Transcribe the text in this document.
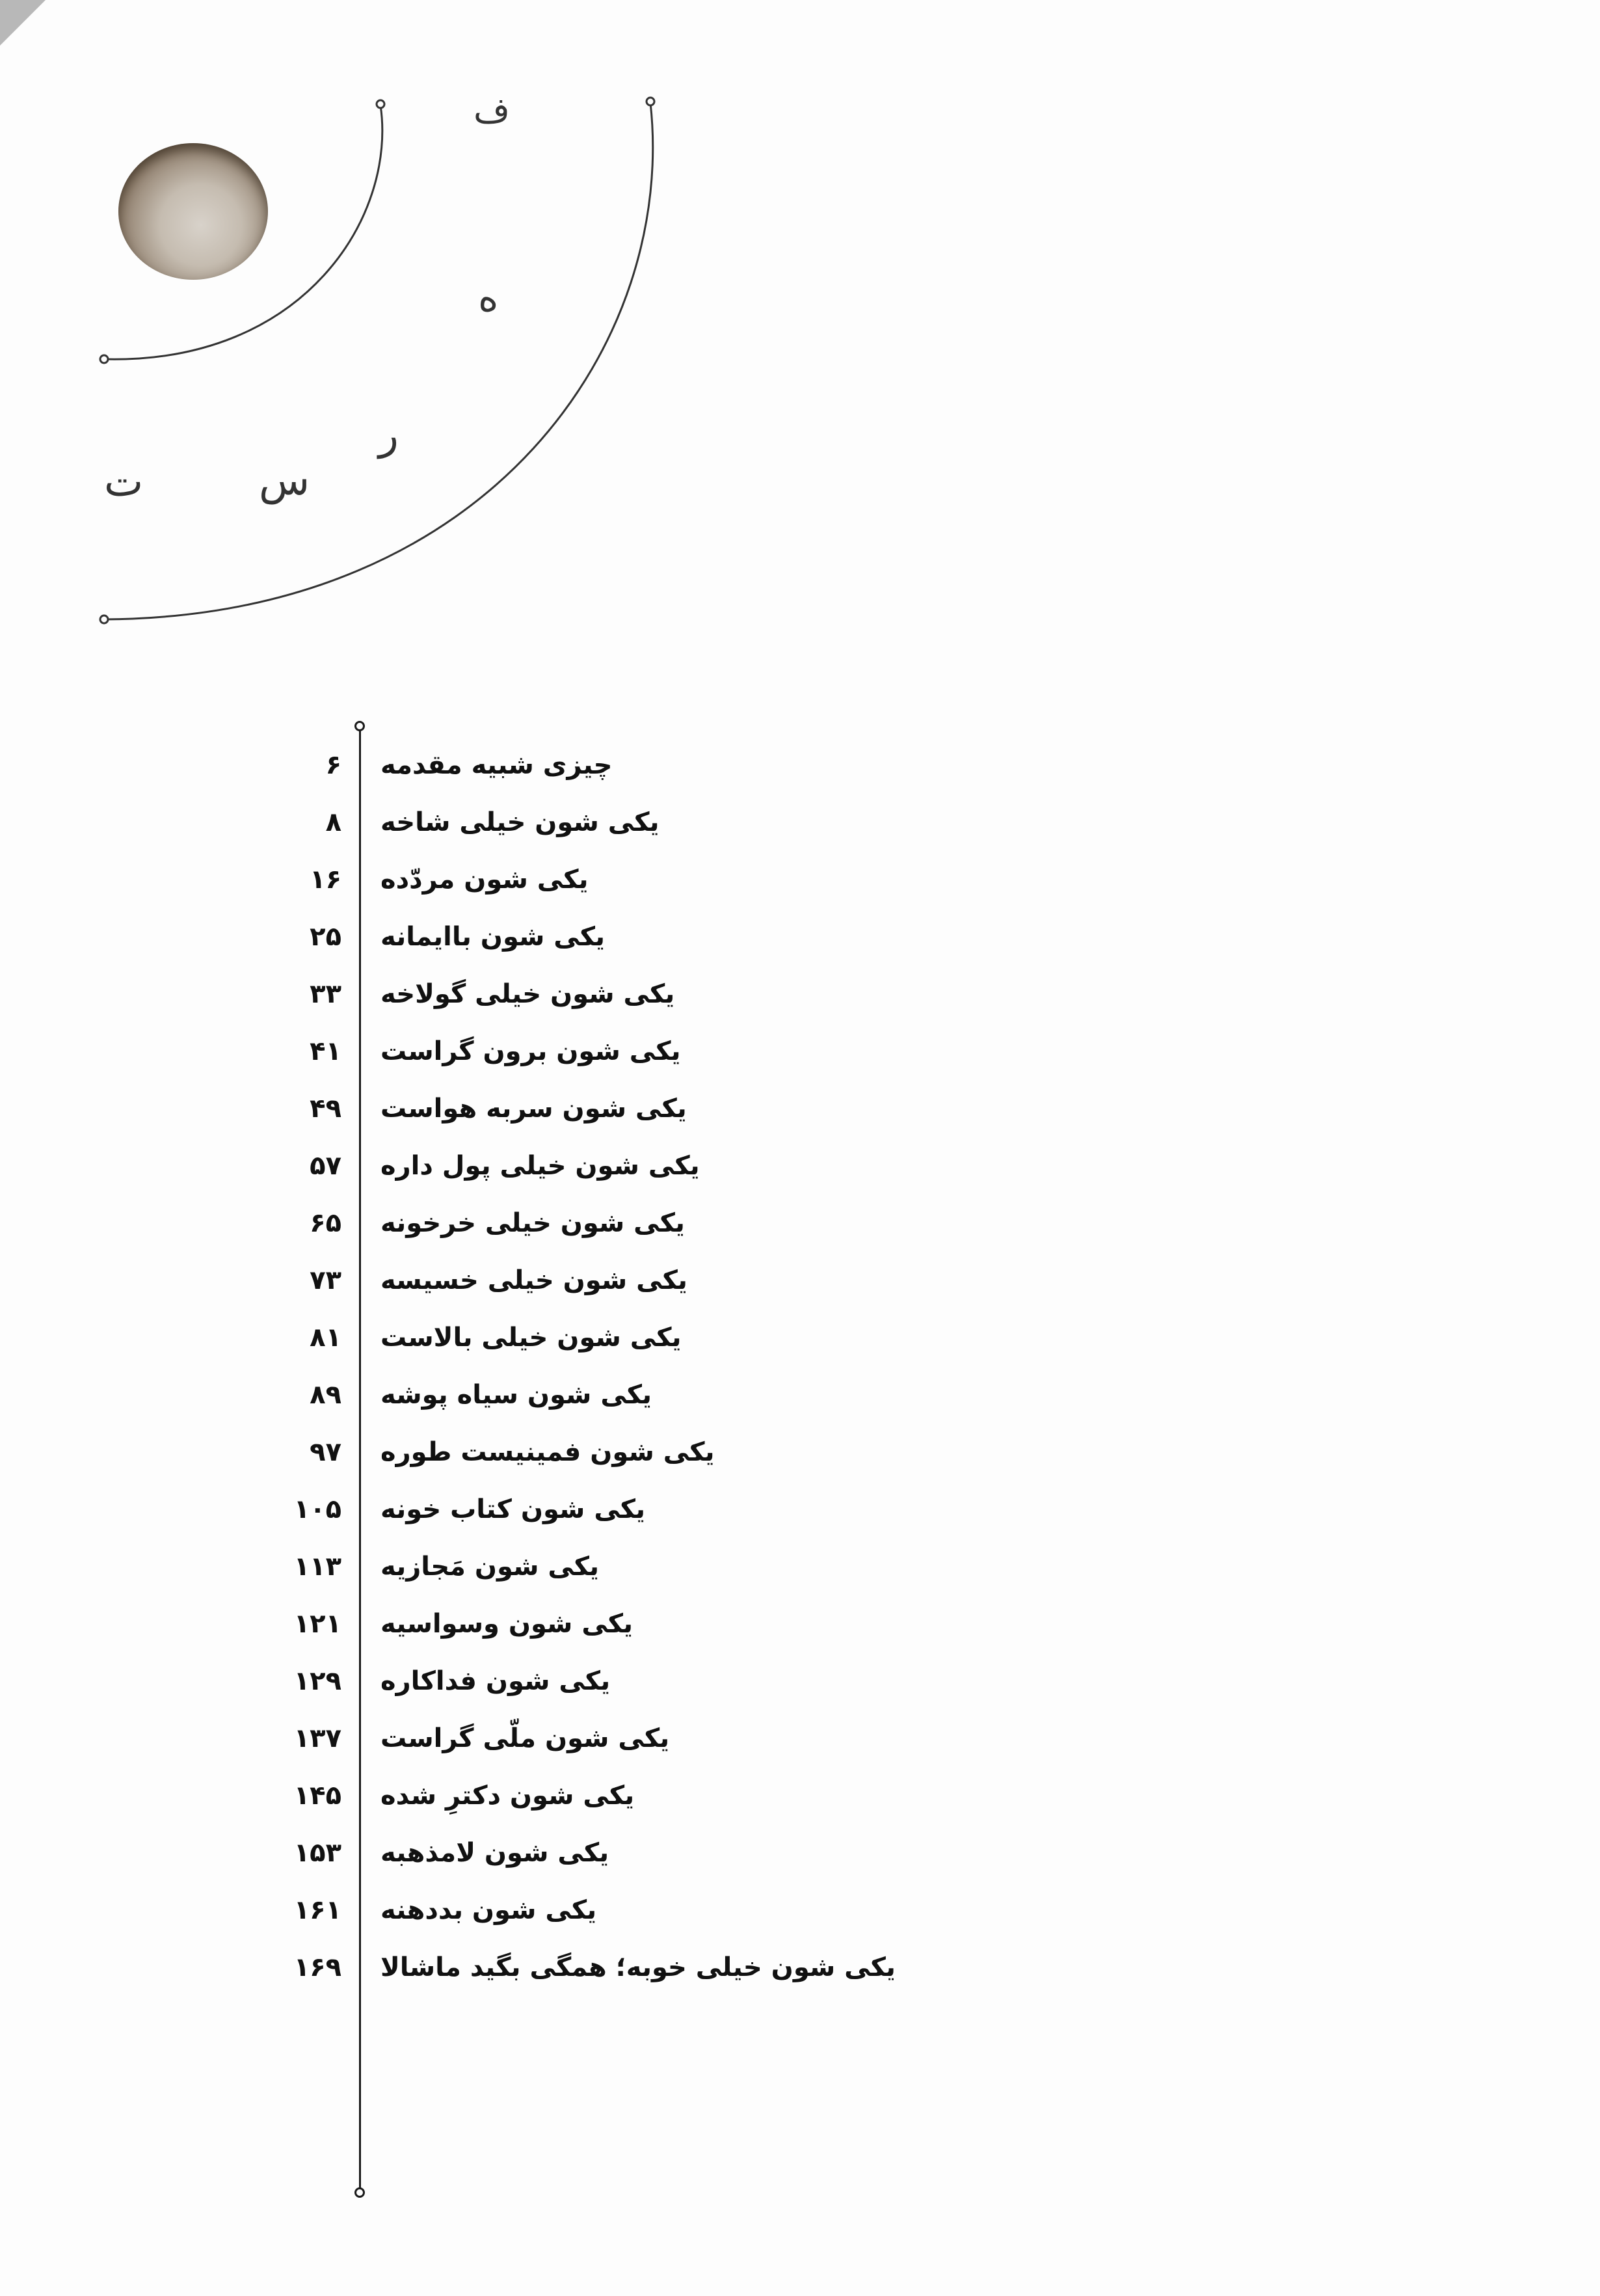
ف
ه
ر
س
ت
۶ چیزی شبیه مقدمه
۸ یکی شون خیلی شاخه
۱۶ یکی شون مردّده
۲۵ یکی شون باایمانه
۳۳ یکی شون خیلی گولاخه
۴۱ یکی شون برون گراست
۴۹ یکی شون سربه هواست
۵۷ یکی شون خیلی پول داره
۶۵ یکی شون خیلی خرخونه
۷۳ یکی شون خیلی خسیسه
۸۱ یکی شون خیلی بالاست
۸۹ یکی شون سیاه پوشه
۹۷ یکی شون فمینیست طوره
۱۰۵ یکی شون کتاب خونه
۱۱۳ یکی شون مَجازیه
۱۲۱ یکی شون وسواسیه
۱۲۹ یکی شون فداکاره
۱۳۷ یکی شون ملّی گراست
۱۴۵ یکی شون دکترِ شده
۱۵۳ یکی شون لامذهبه
۱۶۱ یکی شون بددهنه
۱۶۹ یکی شون خیلی خوبه؛ همگی بگید ماشالا
